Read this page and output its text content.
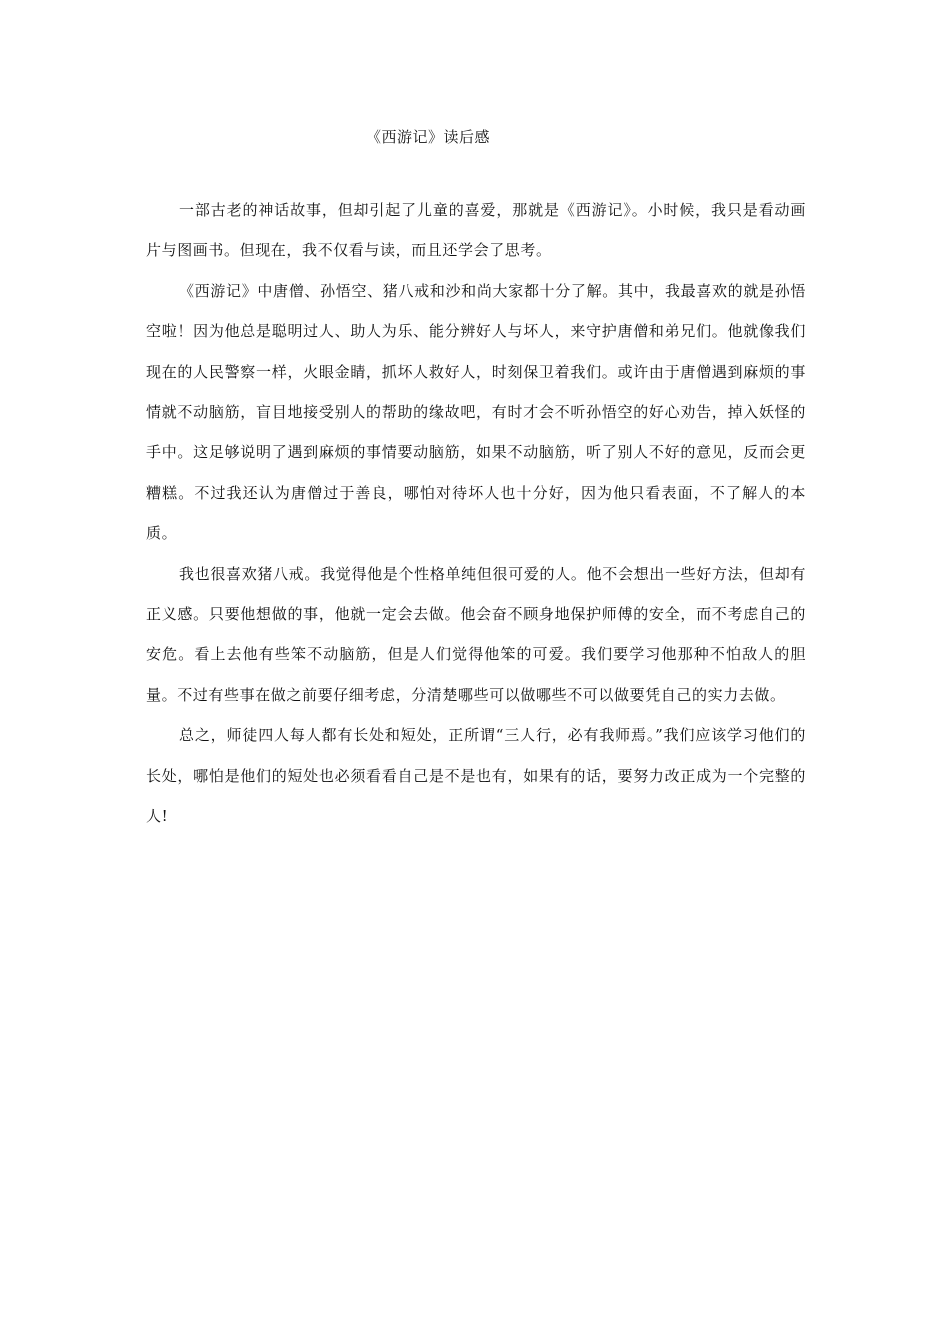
《西游记》读后感

一部古老的神话故事，但却引起了儿童的喜爱，那就是《西游记》。小时候，我只是看动画片与图画书。但现在，我不仅看与读，而且还学会了思考。

《西游记》中唐僧、孙悟空、猪八戒和沙和尚大家都十分了解。其中，我最喜欢的就是孙悟空啦！因为他总是聪明过人、助人为乐、能分辨好人与坏人，来守护唐僧和弟兄们。他就像我们现在的人民警察一样，火眼金睛，抓坏人救好人，时刻保卫着我们。或许由于唐僧遇到麻烦的事情就不动脑筋，盲目地接受别人的帮助的缘故吧，有时才会不听孙悟空的好心劝告，掉入妖怪的手中。这足够说明了遇到麻烦的事情要动脑筋，如果不动脑筋，听了别人不好的意见，反而会更糟糕。不过我还认为唐僧过于善良，哪怕对待坏人也十分好，因为他只看表面，不了解人的本质。

我也很喜欢猪八戒。我觉得他是个性格单纯但很可爱的人。他不会想出一些好方法，但却有正义感。只要他想做的事，他就一定会去做。他会奋不顾身地保护师傅的安全，而不考虑自己的安危。看上去他有些笨不动脑筋，但是人们觉得他笨的可爱。我们要学习他那种不怕敌人的胆量。不过有些事在做之前要仔细考虑，分清楚哪些可以做哪些不可以做要凭自己的实力去做。

总之，师徒四人每人都有长处和短处，正所谓“三人行，必有我师焉。”我们应该学习他们的长处，哪怕是他们的短处也必须看看自己是不是也有，如果有的话，要努力改正成为一个完整的人!
